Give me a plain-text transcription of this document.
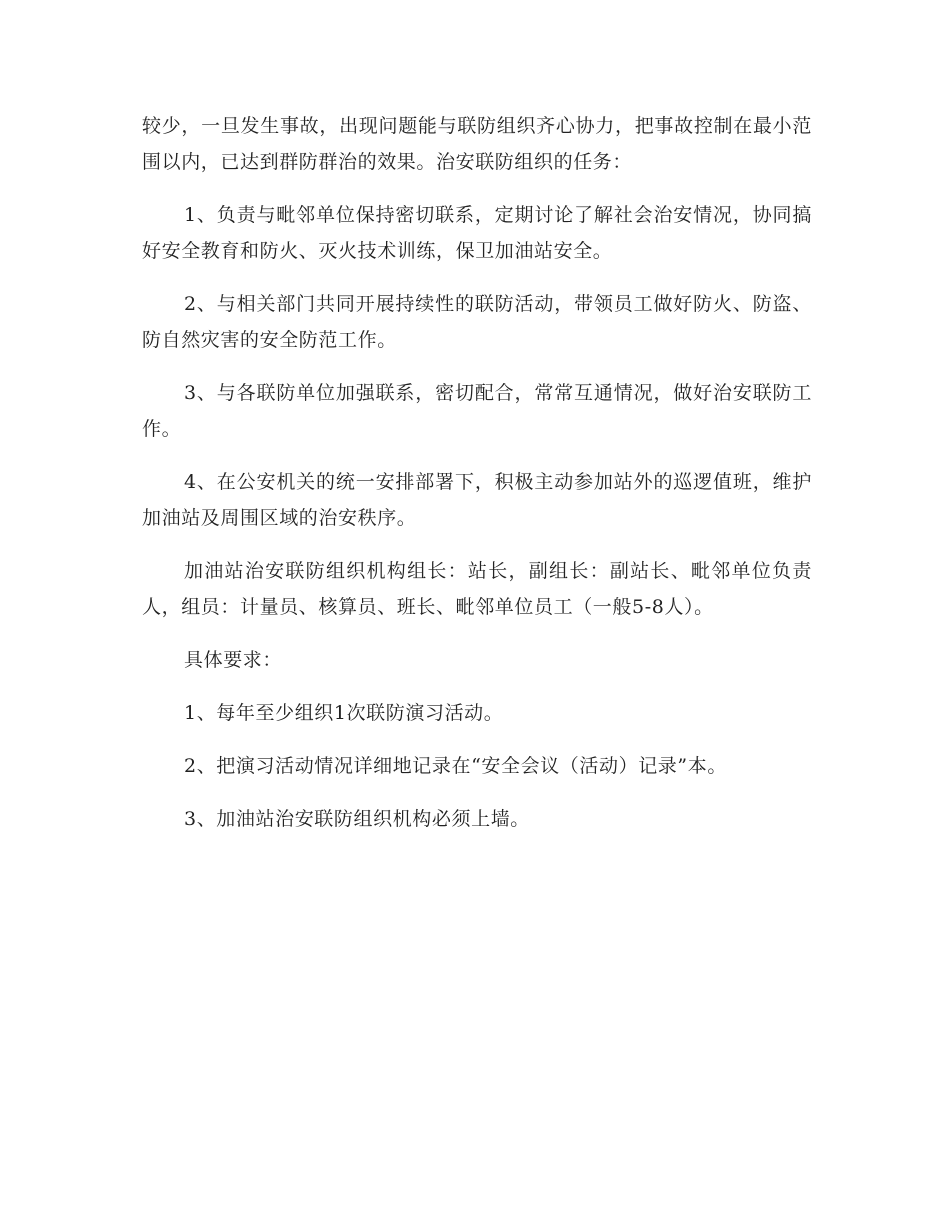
较少，一旦发生事故，出现问题能与联防组织齐心协力，把事故控制在最小范围以内，已达到群防群治的效果。治安联防组织的任务：

1、负责与毗邻单位保持密切联系，定期讨论了解社会治安情况，协同搞好安全教育和防火、灭火技术训练，保卫加油站安全。

2、与相关部门共同开展持续性的联防活动，带领员工做好防火、防盗、防自然灾害的安全防范工作。

3、与各联防单位加强联系，密切配合，常常互通情况，做好治安联防工作。

4、在公安机关的统一安排部署下，积极主动参加站外的巡逻值班，维护加油站及周围区域的治安秩序。

加油站治安联防组织机构组长：站长，副组长：副站长、毗邻单位负责人，组员：计量员、核算员、班长、毗邻单位员工（一般5-8人）。

具体要求：

1、每年至少组织1次联防演习活动。

2、把演习活动情况详细地记录在“安全会议（活动）记录”本。

3、加油站治安联防组织机构必须上墙。
